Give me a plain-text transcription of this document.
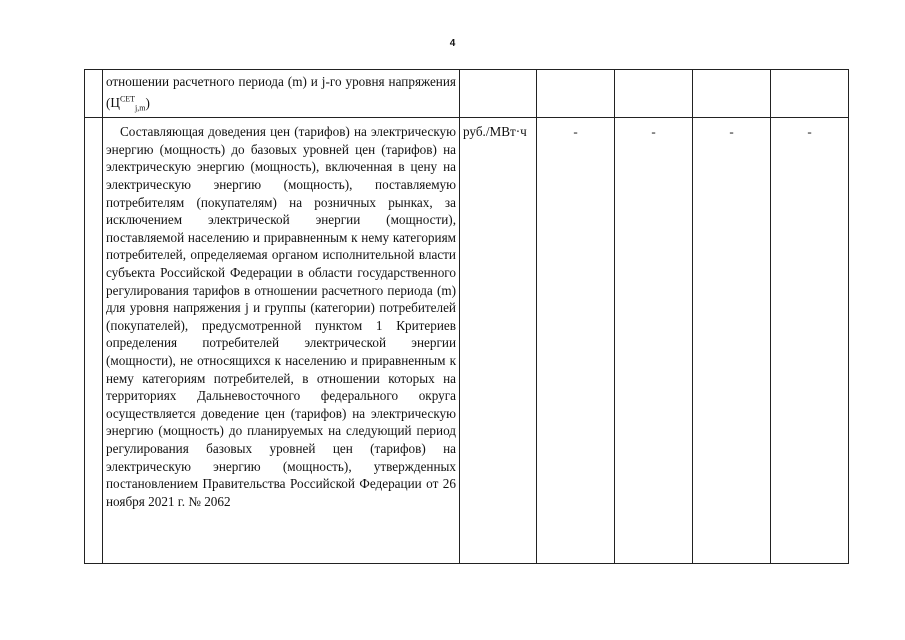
4

	отношении расчетного периода (m) и j-го уровня напряжения $(Ц^{СЕТ}_{j,m})$					

	Составляющая доведения цен (тарифов) на электрическую энергию (мощность) до базовых уровней цен (тарифов) на электрическую энергию (мощность), включенная в цену на электрическую энергию (мощность), поставляемую потребителям (покупателям) на розничных рынках, за исключением электрической энергии (мощности), поставляемой населению и приравненным к нему категориям потребителей, определяемая органом исполнительной власти субъекта Российской Федерации в области государственного регулирования тарифов в отношении расчетного периода (m) для уровня напряжения j и группы (категории) потребителей (покупателей), предусмотренной пунктом 1 Критериев определения потребителей электрической энергии (мощности), не относящихся к населению и приравненным к нему категориям потребителей, в отношении которых на территориях Дальневосточного федерального округа осуществляется доведение цен (тарифов) на электрическую энергию (мощность) до планируемых на следующий период регулирования базовых уровней цен (тарифов) на электрическую энергию (мощность), утвержденных постановлением Правительства Российской Федерации от 26 ноября 2021 г. № 2062	руб./МВт·ч	-	-	-	-
